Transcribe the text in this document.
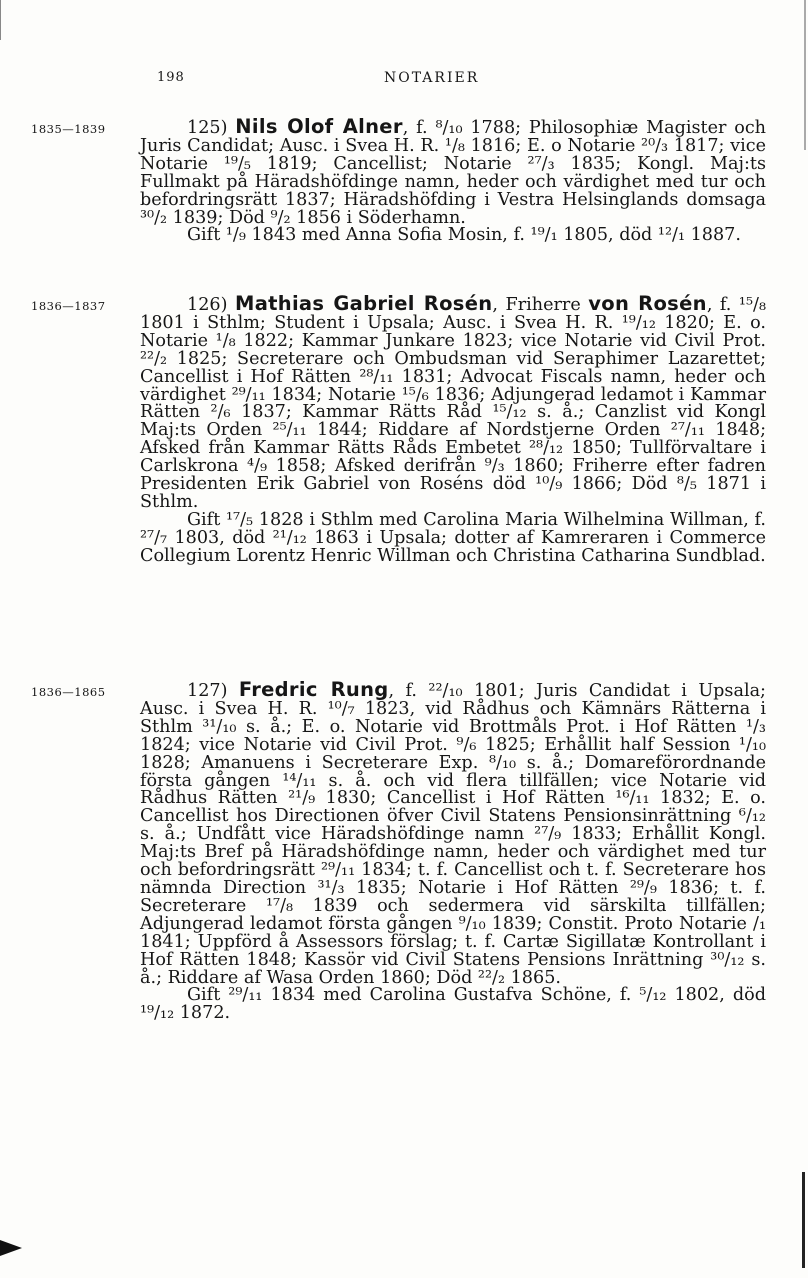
198	NOTARIER
1835—1839	125) Nils Olof Alner, f. ⁸/₁₀ 1788; Philosophiæ Magister och Juris Candidat; Ausc. i Svea H. R. ¹/₈ 1816; E. o Notarie ²⁰/₃ 1817; vice Notarie ¹⁹/₅ 1819; Cancellist; Notarie ²⁷/₃ 1835; Kongl. Maj:ts Fullmakt på Häradshöfdinge namn, heder och värdighet med tur och befordringsrätt 1837; Häradshöfding i Vestra Helsinglands domsaga ³⁰/₂ 1839; Död ⁹/₂ 1856 i Söderhamn.

Gift ¹/₉ 1843 med Anna Sofia Mosin, f. ¹⁹/₁ 1805, död ¹²/₁ 1887.

1836—1837	126) Mathias Gabriel Rosén, Friherre von Rosén, f. ¹⁵/₈ 1801 i Sthlm; Student i Upsala; Ausc. i Svea H. R. ¹⁹/₁₂ 1820; E. o. Notarie ¹/₈ 1822; Kammar Junkare 1823; vice Notarie vid Civil Prot. ²²/₂ 1825; Secreterare och Ombudsman vid Seraphimer Lazarettet; Cancellist i Hof Rätten ²⁸/₁₁ 1831; Advocat Fiscals namn, heder och värdighet ²⁹/₁₁ 1834; Notarie ¹⁵/₆ 1836; Adjungerad ledamot i Kammar Rätten ²/₆ 1837; Kammar Rätts Råd ¹⁵/₁₂ s. å.; Canzlist vid Kongl Maj:ts Orden ²⁵/₁₁ 1844; Riddare af Nordstjerne Orden ²⁷/₁₁ 1848; Afsked från Kammar Rätts Råds Embetet ²⁸/₁₂ 1850; Tullförvaltare i Carlskrona ⁴/₉ 1858; Afsked derifrån ⁹/₃ 1860; Friherre efter fadren Presidenten Erik Gabriel von Roséns död ¹⁰/₉ 1866; Död ⁸/₅ 1871 i Sthlm.

Gift ¹⁷/₅ 1828 i Sthlm med Carolina Maria Wilhelmina Willman, f. ²⁷/₇ 1803, död ²¹/₁₂ 1863 i Upsala; dotter af Kamreraren i Commerce Collegium Lorentz Henric Willman och Christina Catharina Sundblad.

1836—1865	127) Fredric Rung, f. ²²/₁₀ 1801; Juris Candidat i Upsala; Ausc. i Svea H. R. ¹⁰/₇ 1823, vid Rådhus och Kämnärs Rätterna i Sthlm ³¹/₁₀ s. å.; E. o. Notarie vid Brottmåls Prot. i Hof Rätten ¹/₃ 1824; vice Notarie vid Civil Prot. ⁹/₆ 1825; Erhållit half Session ¹/₁₀ 1828; Amanuens i Secreterare Exp. ⁸/₁₀ s. å.; Domareförordnande första gången ¹⁴/₁₁ s. å. och vid flera tillfällen; vice Notarie vid Rådhus Rätten ²¹/₉ 1830; Cancellist i Hof Rätten ¹⁶/₁₁ 1832; E. o. Cancellist hos Directionen öfver Civil Statens Pensionsinrättning ⁶/₁₂ s. å.; Undfått vice Häradshöfdinge namn ²⁷/₉ 1833; Erhållit Kongl. Maj:ts Bref på Häradshöfdinge namn, heder och värdighet med tur och befordringsrätt ²⁹/₁₁ 1834; t. f. Cancellist och t. f. Secreterare hos nämnda Direction ³¹/₃ 1835; Notarie i Hof Rätten ²⁹/₉ 1836; t. f. Secreterare ¹⁷/₈ 1839 och sedermera vid särskilta tillfällen; Adjungerad ledamot första gången ⁹/₁₀ 1839; Constit. Proto Notarie /₁ 1841; Uppförd å Assessors förslag; t. f. Cartæ Sigillatæ Kontrollant i Hof Rätten 1848; Kassör vid Civil Statens Pensions Inrättning ³⁰/₁₂ s. å.; Riddare af Wasa Orden 1860; Död ²²/₂ 1865.

Gift ²⁹/₁₁ 1834 med Carolina Gustafva Schöne, f. ⁵/₁₂ 1802, död ¹⁹/₁₂ 1872.
